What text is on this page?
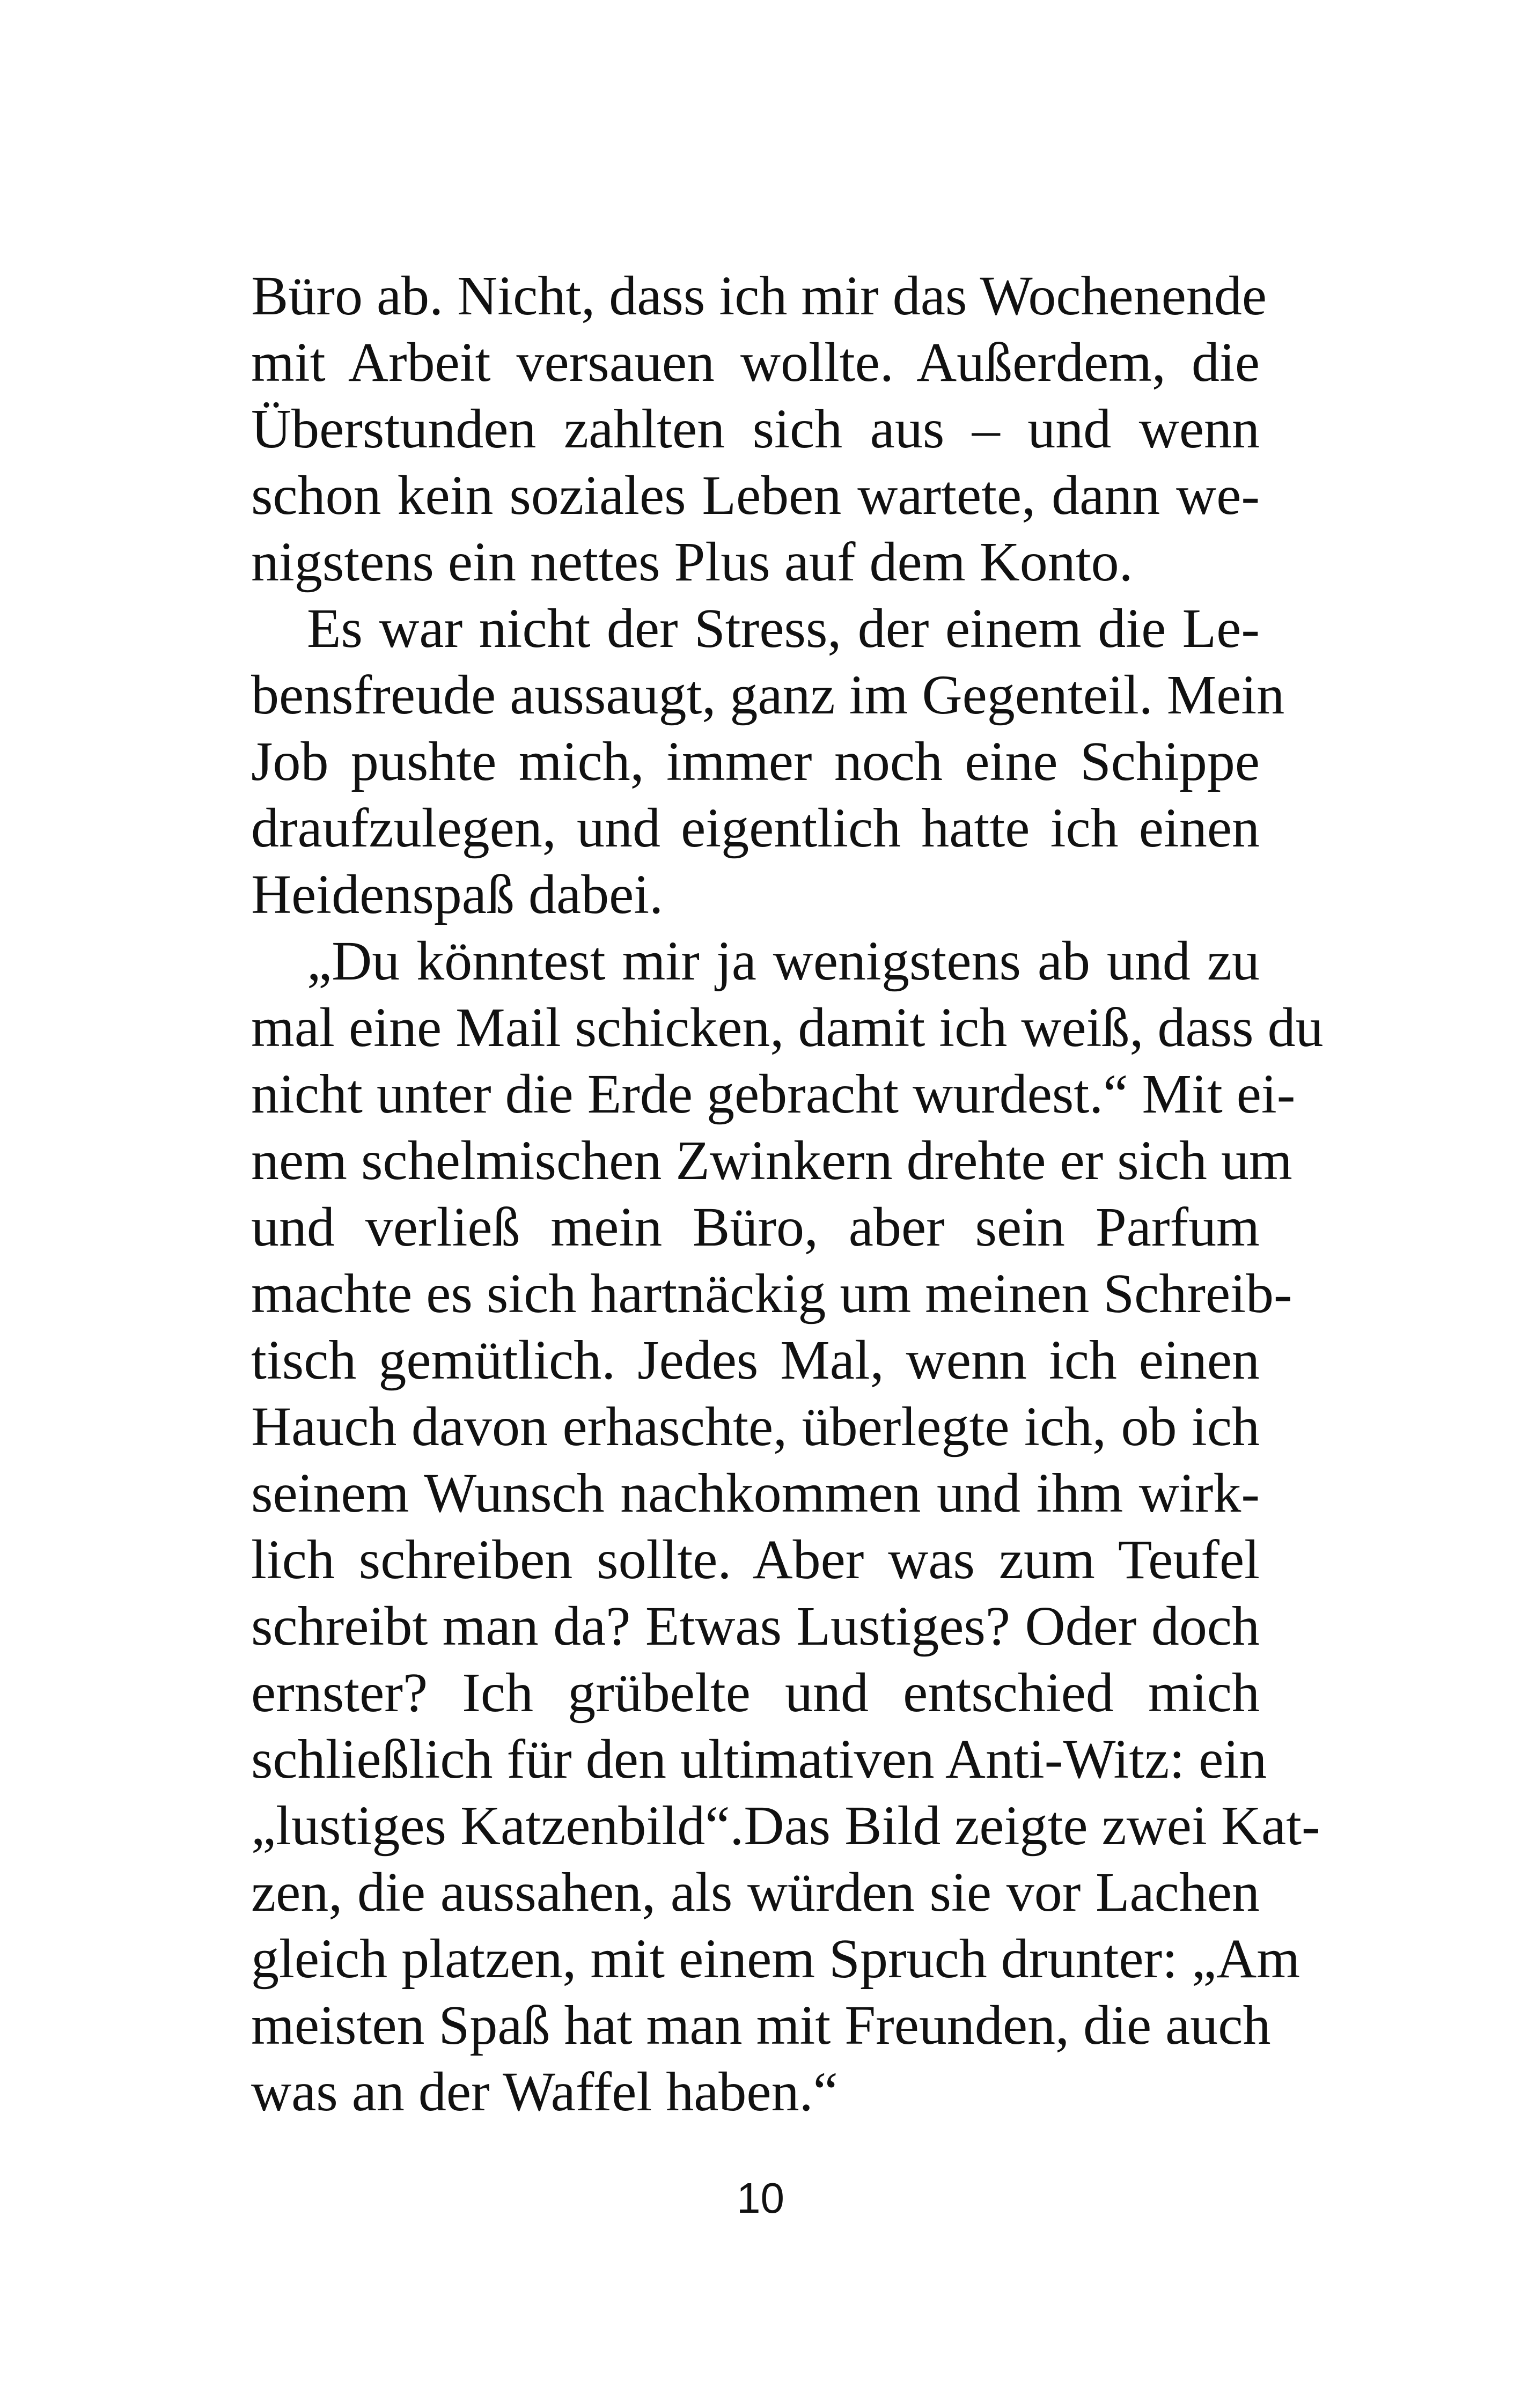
Büro ab. Nicht, dass ich mir das Wochenende
mit Arbeit versauen wollte. Außerdem, die
Überstunden zahlten sich aus – und wenn
schon kein soziales Leben wartete, dann we-
nigstens ein nettes Plus auf dem Konto.
Es war nicht der Stress, der einem die Le-
bensfreude aussaugt, ganz im Gegenteil. Mein
Job pushte mich, immer noch eine Schippe
draufzulegen, und eigentlich hatte ich einen
Heidenspaß dabei.
„Du könntest mir ja wenigstens ab und zu
mal eine Mail schicken, damit ich weiß, dass du
nicht unter die Erde gebracht wurdest.“ Mit ei-
nem schelmischen Zwinkern drehte er sich um
und verließ mein Büro, aber sein Parfum
machte es sich hartnäckig um meinen Schreib-
tisch gemütlich. Jedes Mal, wenn ich einen
Hauch davon erhaschte, überlegte ich, ob ich
seinem Wunsch nachkommen und ihm wirk-
lich schreiben sollte. Aber was zum Teufel
schreibt man da? Etwas Lustiges? Oder doch
ernster? Ich grübelte und entschied mich
schließlich für den ultimativen Anti-Witz: ein
„lustiges Katzenbild“.Das Bild zeigte zwei Kat-
zen, die aussahen, als würden sie vor Lachen
gleich platzen, mit einem Spruch drunter: „Am
meisten Spaß hat man mit Freunden, die auch
was an der Waffel haben.“
10
